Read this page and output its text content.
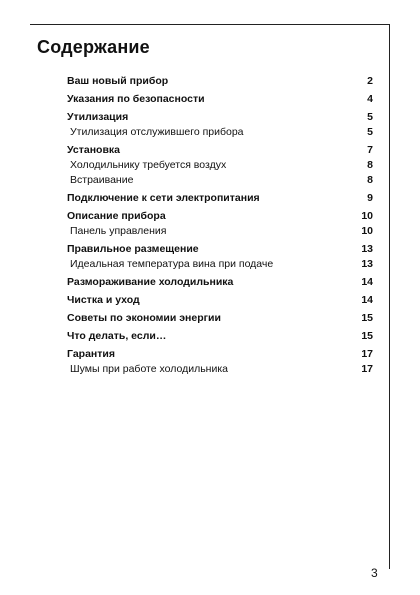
Содержание
Ваш новый прибор	2
Указания по безопасности	4
Утилизация	5
Утилизация отслужившего прибора	5
Установка	7
Холодильнику требуется воздух	8
Встраивание	8
Подключение к сети электропитания	9
Описание прибора	10
Панель управления	10
Правильное размещение	13
Идеальная температура вина при подаче	13
Размораживание холодильника	14
Чистка и уход	14
Советы по экономии энергии	15
Что делать, если…	15
Гарантия	17
Шумы при работе холодильника	17
3
